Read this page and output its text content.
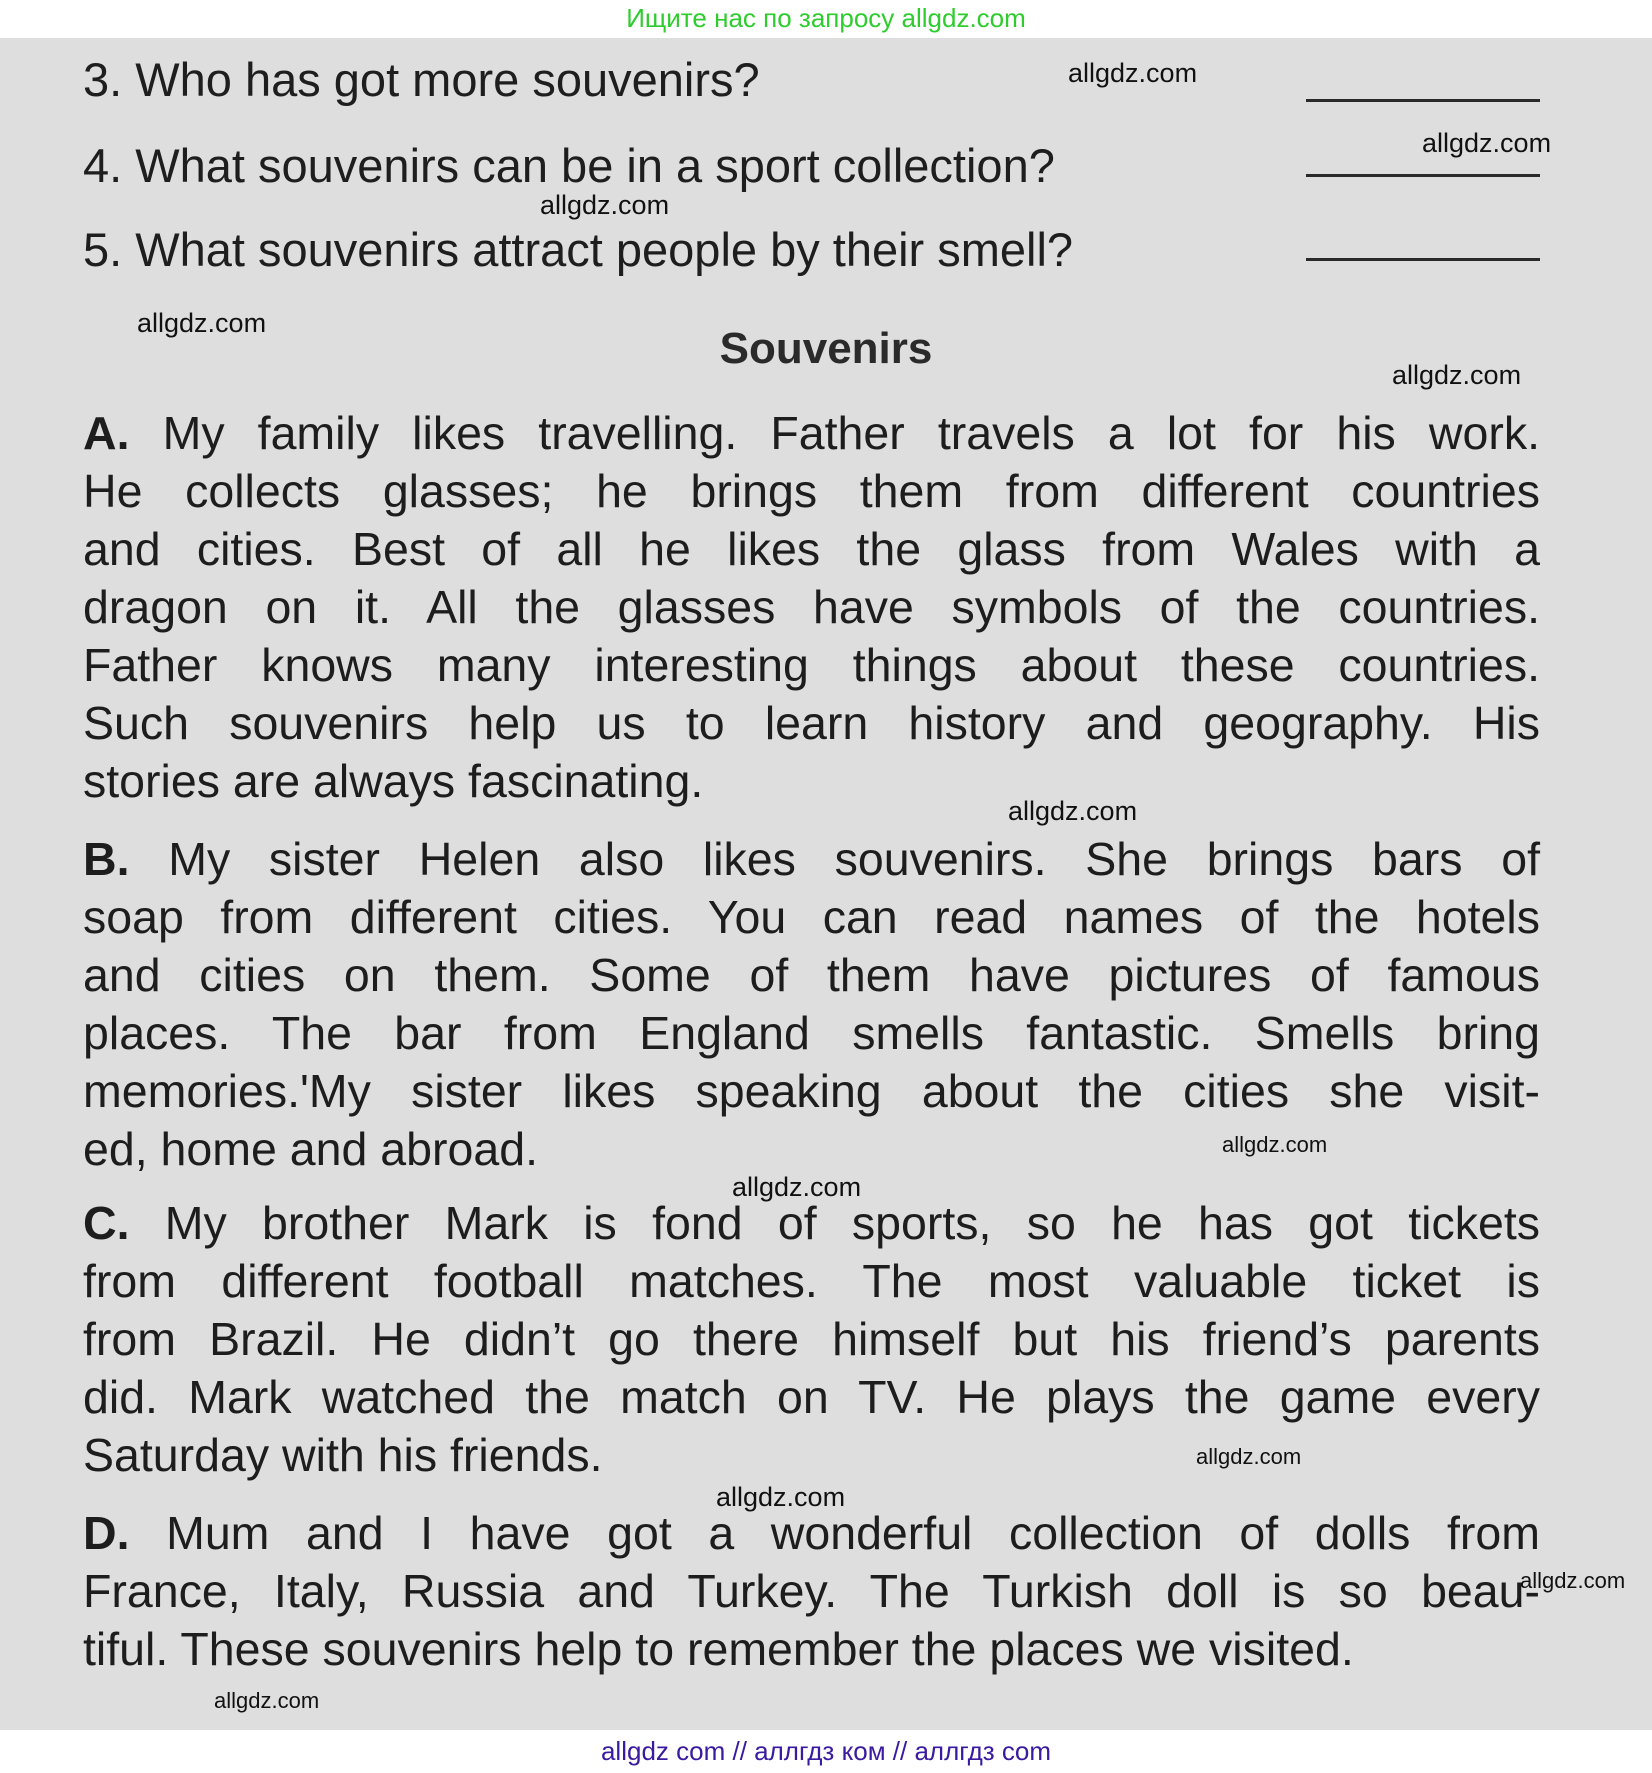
Ищите нас по запросу allgdz.com
3. Who has got more souvenirs?
4. What souvenirs can be in a sport collection?
5. What souvenirs attract people by their smell?
Souvenirs
A. My family likes travelling. Father travels a lot for his work.
He collects glasses; he brings them from different countries
and cities. Best of all he likes the glass from Wales with a
dragon on it. All the glasses have symbols of the countries.
Father knows many interesting things about these countries.
Such souvenirs help us to learn history and geography. His
stories are always fascinating.
B. My sister Helen also likes souvenirs. She brings bars of
soap from different cities. You can read names of the hotels
and cities on them. Some of them have pictures of famous
places. The bar from England smells fantastic. Smells bring
memories.'My sister likes speaking about the cities she visit-
ed, home and abroad.
C. My brother Mark is fond of sports, so he has got tickets
from different football matches. The most valuable ticket is
from Brazil. He didn’t go there himself but his friend’s parents
did. Mark watched the match on TV. He plays the game every
Saturday with his friends.
D. Mum and I have got a wonderful collection of dolls from
France, Italy, Russia and Turkey. The Turkish doll is so beau-
tiful. These souvenirs help to remember the places we visited.
allgdz.com
allgdz.com
allgdz.com
allgdz.com
allgdz.com
allgdz.com
allgdz.com
allgdz.com
allgdz.com
allgdz.com
allgdz.com
allgdz.com
allgdz com // аллгдз ком // аллгдз com
